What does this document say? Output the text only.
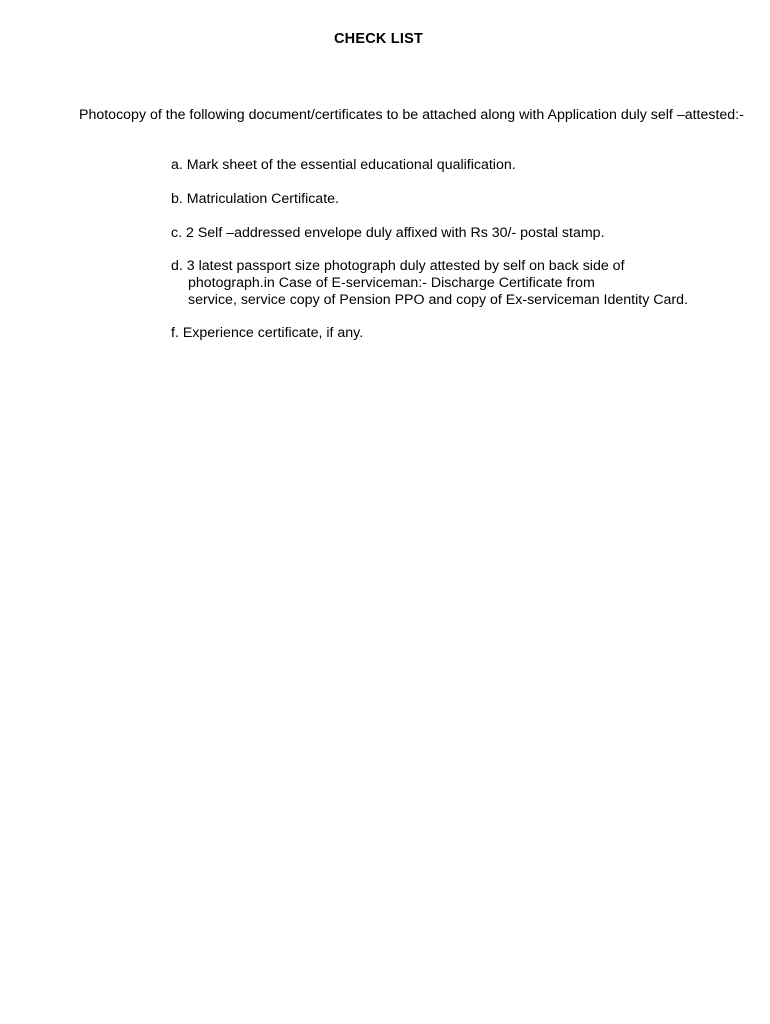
CHECK LIST
Photocopy of the following document/certificates to be attached along with Application duly self –attested:-
a. Mark sheet of the essential educational qualification.
b. Matriculation Certificate.
c. 2 Self –addressed envelope duly affixed with Rs 30/- postal stamp.
d. 3 latest passport size photograph duly attested by self on back side of
photograph.in Case of E-serviceman:- Discharge Certificate from
service, service copy of Pension PPO and copy of Ex-serviceman Identity Card.
f. Experience certificate, if any.
